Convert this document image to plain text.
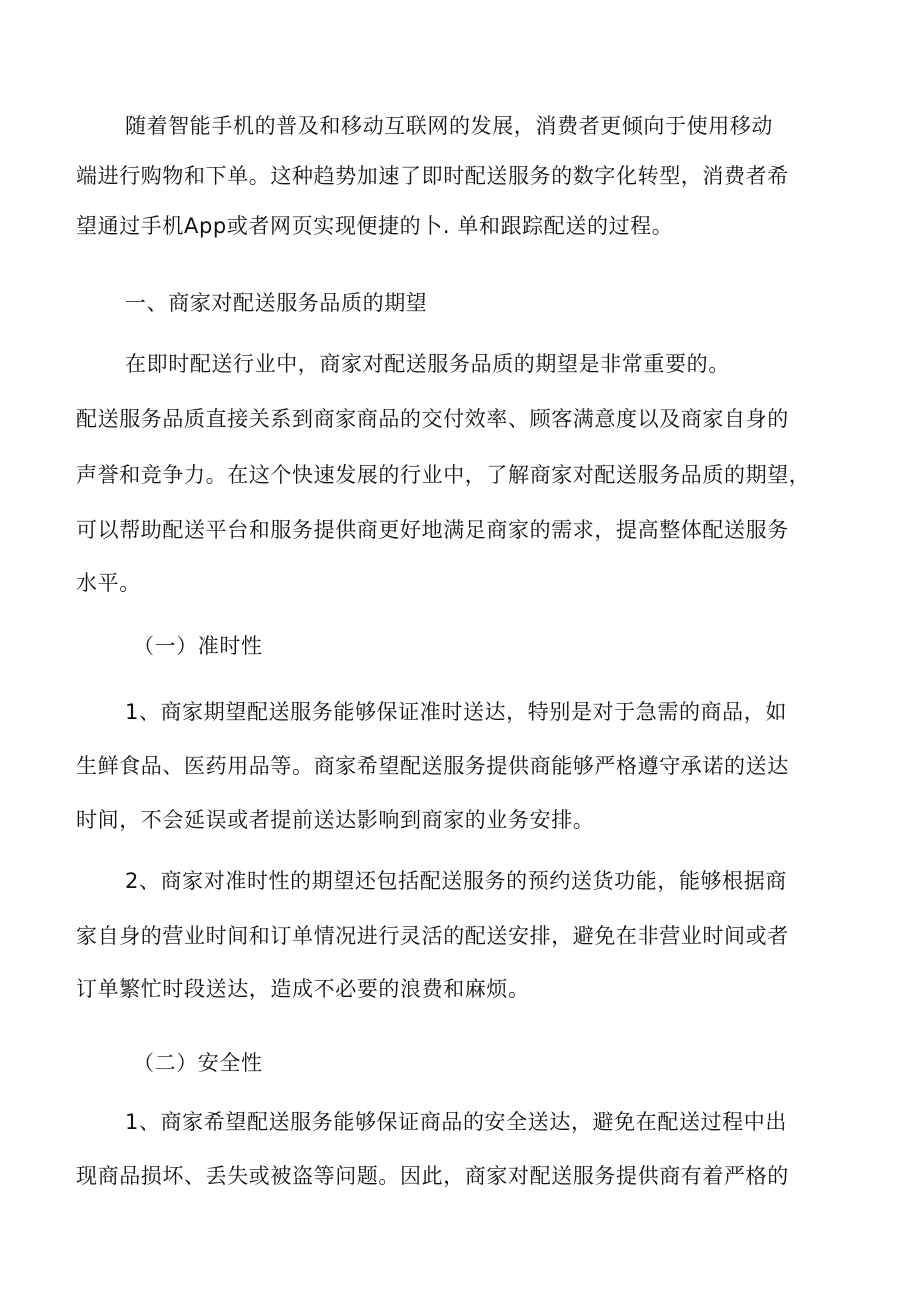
随着智能手机的普及和移动互联网的发展，消费者更倾向于使用移动

端进行购物和下单。这种趋势加速了即时配送服务的数字化转型，消费者希

望通过手机App或者网页实现便捷的卜. 单和跟踪配送的过程。

一、商家对配送服务品质的期望

在即时配送行业中，商家对配送服务品质的期望是非常重要的。

配送服务品质直接关系到商家商品的交付效率、顾客满意度以及商家自身的

声誉和竞争力。在这个快速发展的行业中，了解商家对配送服务品质的期望，

可以帮助配送平台和服务提供商更好地满足商家的需求，提高整体配送服务

水平。

（一）准时性

1、商家期望配送服务能够保证准时送达，特别是对于急需的商品，如

生鲜食品、医药用品等。商家希望配送服务提供商能够严格遵守承诺的送达

时间，不会延误或者提前送达影响到商家的业务安排。

2、商家对准时性的期望还包括配送服务的预约送货功能，能够根据商

家自身的营业时间和订单情况进行灵活的配送安排，避免在非营业时间或者

订单繁忙时段送达，造成不必要的浪费和麻烦。

（二）安全性

1、商家希望配送服务能够保证商品的安全送达，避免在配送过程中出

现商品损坏、丢失或被盗等问题。因此，商家对配送服务提供商有着严格的
